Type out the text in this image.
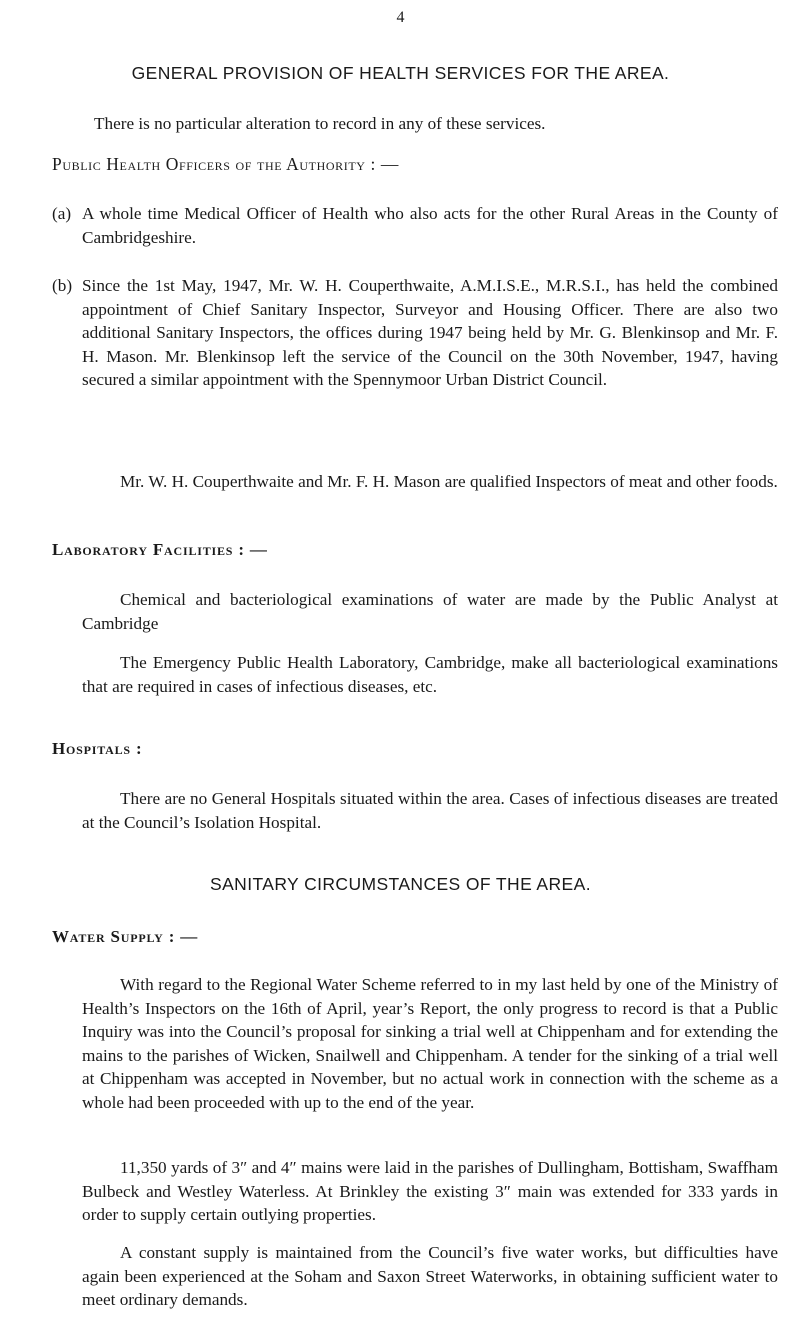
4
GENERAL PROVISION OF HEALTH SERVICES FOR THE AREA.
There is no particular alteration to record in any of these services.
Public Health Officers of the Authority : —
(a) A whole time Medical Officer of Health who also acts for the other Rural Areas in the County of Cambridgeshire.
(b) Since the 1st May, 1947, Mr. W. H. Couperthwaite, A.M.I.S.E., M.R.S.I., has held the combined appointment of Chief Sanitary Inspector, Surveyor and Housing Officer. There are also two additional Sanitary Inspectors, the offices during 1947 being held by Mr. G. Blenkinsop and Mr. F. H. Mason. Mr. Blenkinsop left the service of the Council on the 30th November, 1947, having secured a similar appointment with the Spennymoor Urban District Council.
Mr. W. H. Couperthwaite and Mr. F. H. Mason are qualified Inspectors of meat and other foods.
Laboratory Facilities : —
Chemical and bacteriological examinations of water are made by the Public Analyst at Cambridge
The Emergency Public Health Laboratory, Cambridge, make all bacteriological examinations that are required in cases of infectious diseases, etc.
Hospitals :
There are no General Hospitals situated within the area. Cases of infectious diseases are treated at the Council’s Isolation Hospital.
SANITARY CIRCUMSTANCES OF THE AREA.
Water Supply : —
With regard to the Regional Water Scheme referred to in my last held by one of the Ministry of Health’s Inspectors on the 16th of April, year’s Report, the only progress to record is that a Public Inquiry was into the Council’s proposal for sinking a trial well at Chippenham and for extending the mains to the parishes of Wicken, Snailwell and Chippenham. A tender for the sinking of a trial well at Chippenham was accepted in November, but no actual work in connection with the scheme as a whole had been proceeded with up to the end of the year.
11,350 yards of 3″ and 4″ mains were laid in the parishes of Dullingham, Bottisham, Swaffham Bulbeck and Westley Waterless. At Brinkley the existing 3″ main was extended for 333 yards in order to supply certain outlying properties.
A constant supply is maintained from the Council’s five water works, but difficulties have again been experienced at the Soham and Saxon Street Waterworks, in obtaining sufficient water to meet ordinary demands.
